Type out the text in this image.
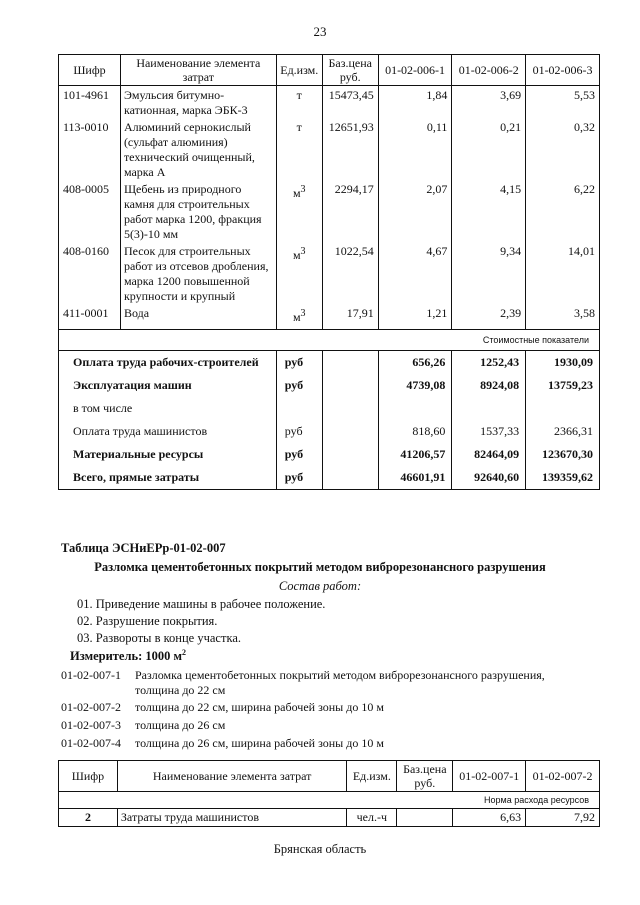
23
Шифр	Наименование элемента затрат	Ед.изм.	Баз.цена руб.	01-02-006-1	01-02-006-2	01-02-006-3
101-4961	Эмульсия битумно-катионная, марка ЭБК-3	т	15473,45	1,84	3,69	5,53
113-0010	Алюминий сернокислый (сульфат алюминия) технический очищенный, марка А	т	12651,93	0,11	0,21	0,32
408-0005	Щебень из природного камня для строительных работ марка 1200, фракция 5(3)-10 мм	$м^3$	2294,17	2,07	4,15	6,22
408-0160	Песок для строительных работ из отсевов дробления, марка 1200 повышенной крупности и крупный	$м^3$	1022,54	4,67	9,34	14,01
411-0001	Вода	$м^3$	17,91	1,21	2,39	3,58
Стоимостные показатели						
Оплата труда рабочих-строителей		руб		656,26	1252,43	1930,09
Эксплуатация машин		руб		4739,08	8924,08	13759,23
в том числе						
Оплата труда машинистов		руб		818,60	1537,33	2366,31
Материальные ресурсы		руб		41206,57	82464,09	123670,30
Всего, прямые затраты		руб		46601,91	92640,60	139359,62
Таблица ЭСНиЕРр-01-02-007
Разломка цементобетонных покрытий методом виброрезонансного разрушения
Состав работ:
01. Приведение машины в рабочее положение.
02. Разрушение покрытия.
03. Развороты в конце участка.
Измеритель: 1000 $м^2$
01-02-007-1 Разломка цементобетонных покрытий методом виброрезонансного разрушения,
толщина до 22 см
01-02-007-2 толщина до 22 см, ширина рабочей зоны до 10 м
01-02-007-3 толщина до 26 см
01-02-007-4 толщина до 26 см, ширина рабочей зоны до 10 м
Шифр	Наименование элемента затрат	Ед.изм.	Баз.цена руб.	01-02-007-1	01-02-007-2
Норма расхода ресурсов					
2	Затраты труда машинистов	чел.-ч		6,63	7,92
Брянская область
